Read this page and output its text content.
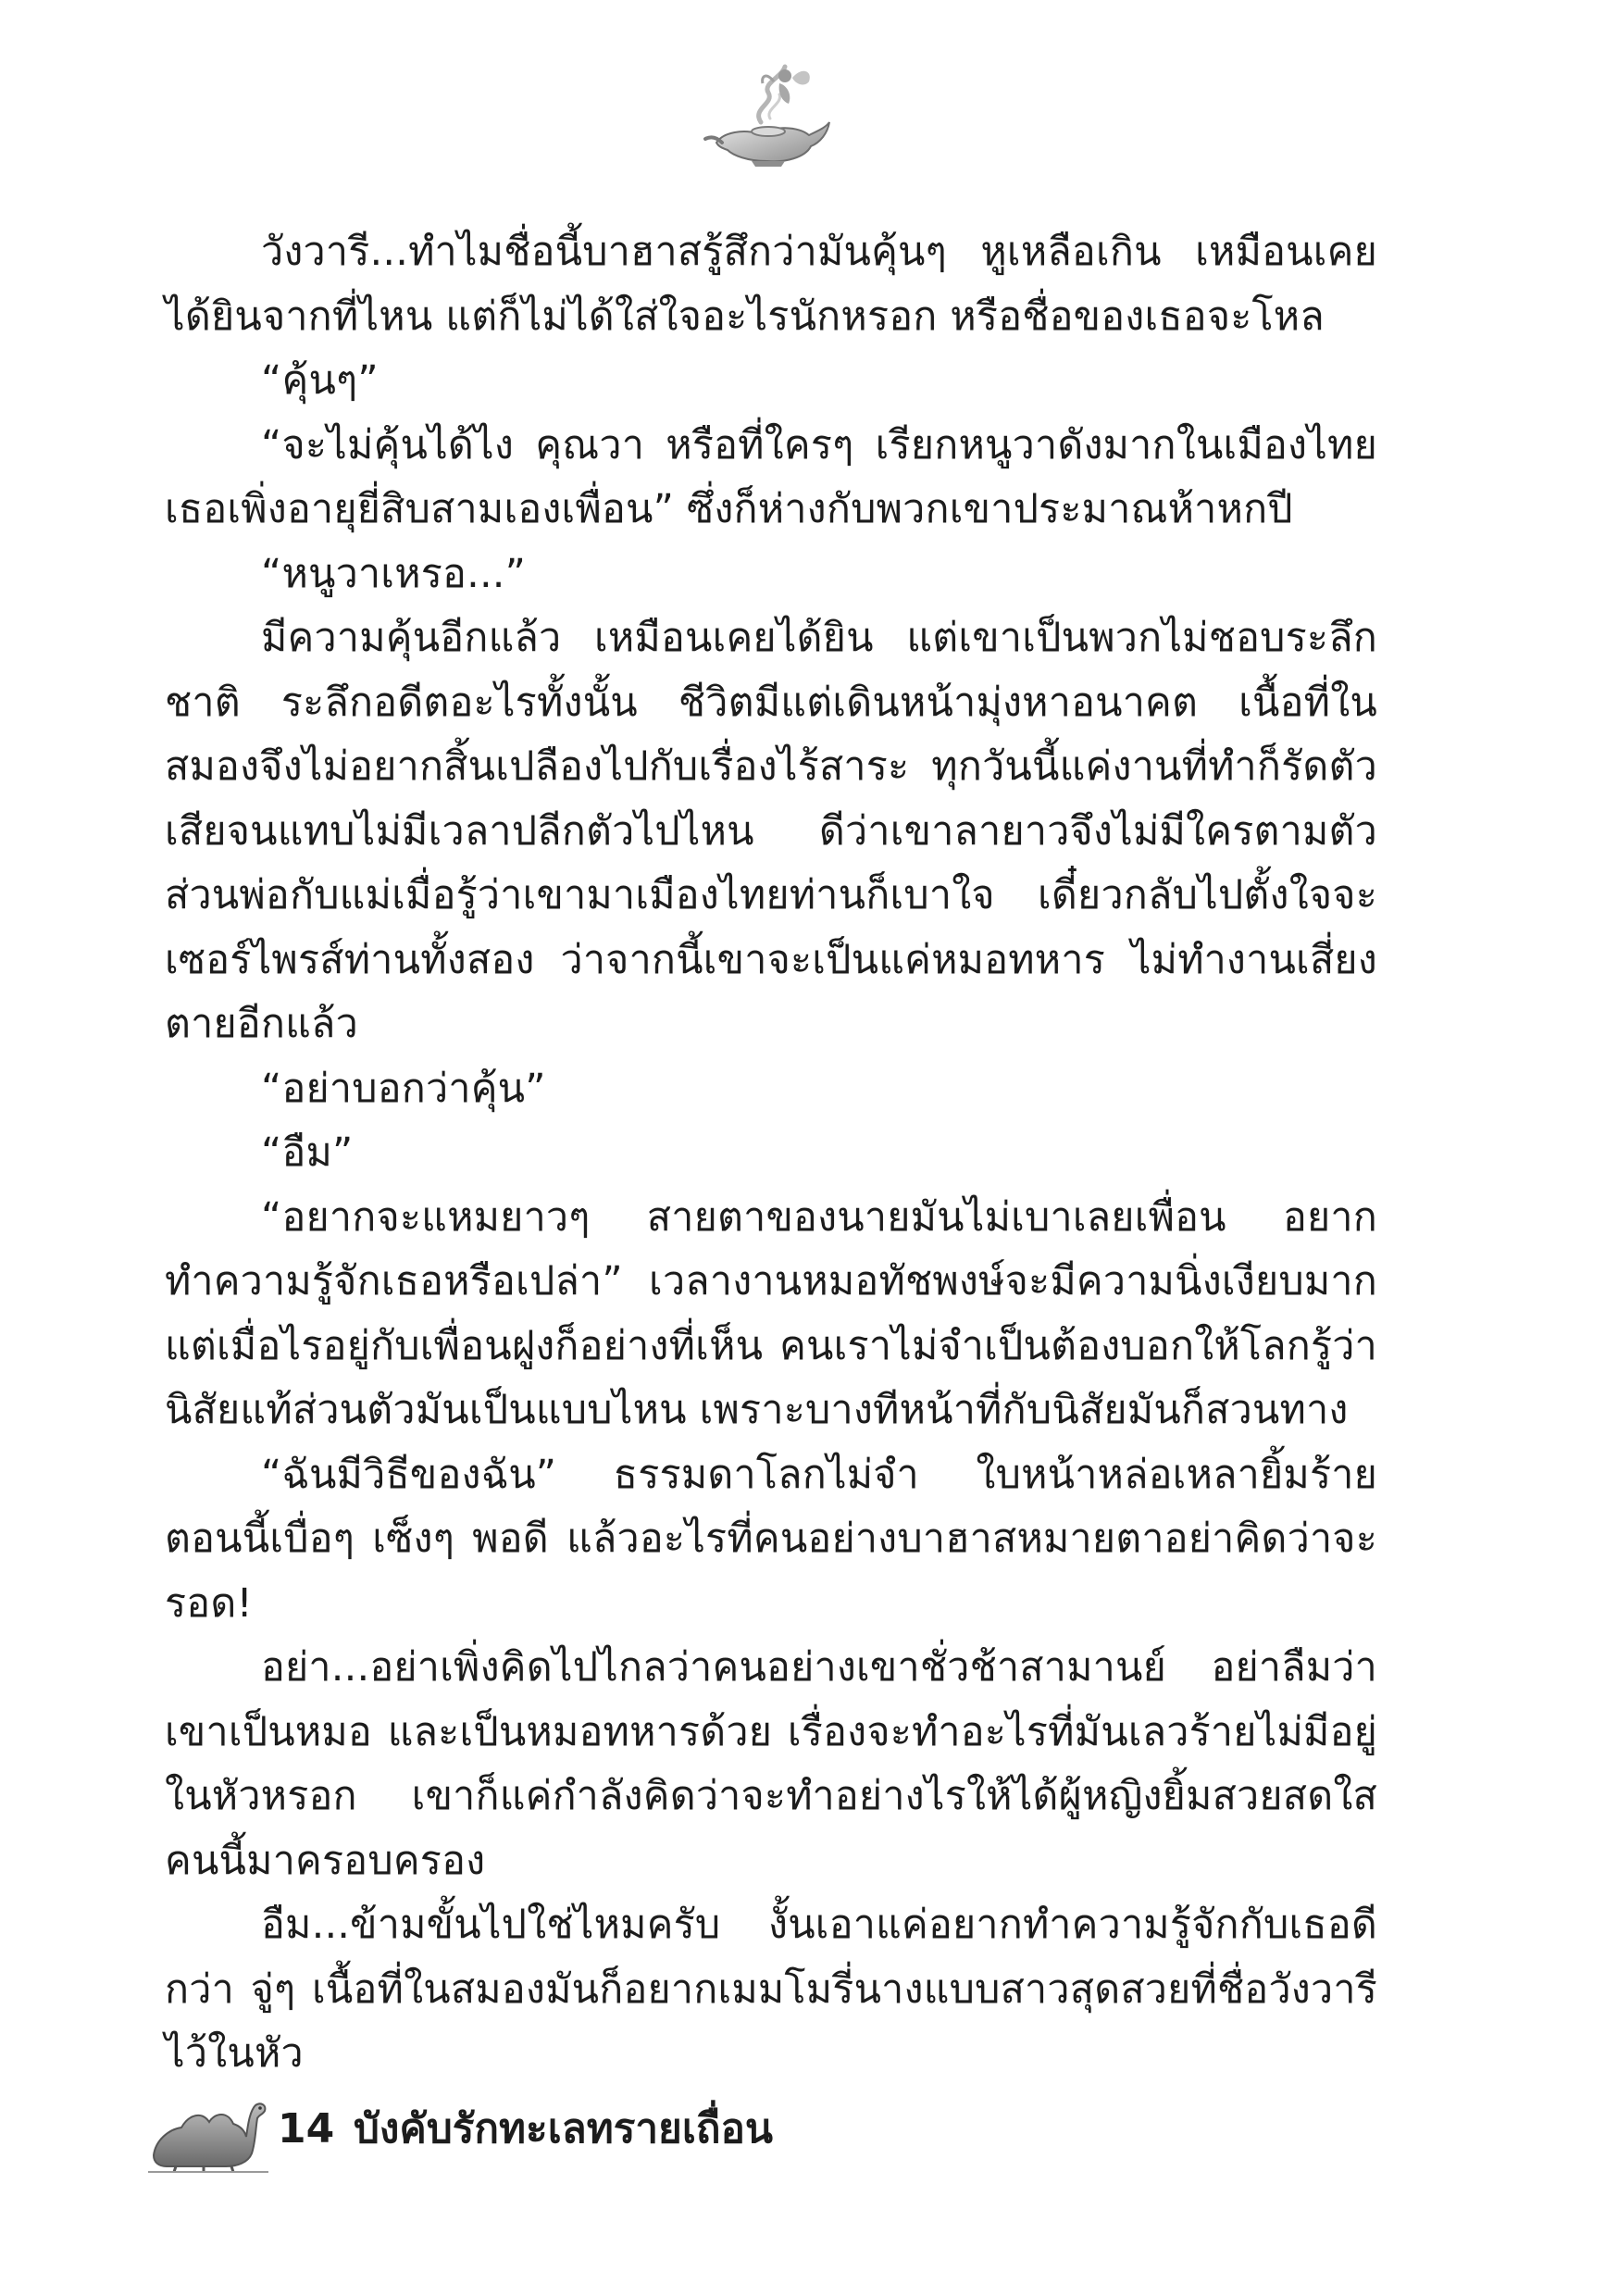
วังวารี...ทำไมชื่อนี้บาฮาสรู้สึกว่ามันคุ้นๆ หูเหลือเกิน เหมือนเคยได้ยินจากที่ไหน แต่ก็ไม่ได้ใส่ใจอะไรนักหรอก หรือชื่อของเธอจะโหล

“คุ้นๆ”

“จะไม่คุ้นได้ไง คุณวา หรือที่ใครๆ เรียกหนูวาดังมากในเมืองไทย เธอเพิ่งอายุยี่สิบสามเองเพื่อน” ซึ่งก็ห่างกับพวกเขาประมาณห้าหกปี

“หนูวาเหรอ...”

มีความคุ้นอีกแล้ว เหมือนเคยได้ยิน แต่เขาเป็นพวกไม่ชอบระลึกชาติ ระลึกอดีตอะไรทั้งนั้น ชีวิตมีแต่เดินหน้ามุ่งหาอนาคต เนื้อที่ในสมองจึงไม่อยากสิ้นเปลืองไปกับเรื่องไร้สาระ ทุกวันนี้แค่งานที่ทำก็รัดตัวเสียจนแทบไม่มีเวลาปลีกตัวไปไหน ดีว่าเขาลายาวจึงไม่มีใครตามตัว ส่วนพ่อกับแม่เมื่อรู้ว่าเขามาเมืองไทยท่านก็เบาใจ เดี๋ยวกลับไปตั้งใจจะเซอร์ไพรส์ท่านทั้งสอง ว่าจากนี้เขาจะเป็นแค่หมอทหาร ไม่ทำงานเสี่ยงตายอีกแล้ว

“อย่าบอกว่าคุ้น”

“อืม”

“อยากจะแหมยาวๆ สายตาของนายมันไม่เบาเลยเพื่อน อยากทำความรู้จักเธอหรือเปล่า” เวลางานหมอทัชพงษ์จะมีความนิ่งเงียบมาก แต่เมื่อไรอยู่กับเพื่อนฝูงก็อย่างที่เห็น คนเราไม่จำเป็นต้องบอกให้โลกรู้ว่านิสัยแท้ส่วนตัวมันเป็นแบบไหน เพราะบางทีหน้าที่กับนิสัยมันก็สวนทาง

“ฉันมีวิธีของฉัน” ธรรมดาโลกไม่จำ ใบหน้าหล่อเหลายิ้มร้าย ตอนนี้เบื่อๆ เซ็งๆ พอดี แล้วอะไรที่คนอย่างบาฮาสหมายตาอย่าคิดว่าจะรอด!

อย่า...อย่าเพิ่งคิดไปไกลว่าคนอย่างเขาชั่วช้าสามานย์ อย่าลืมว่าเขาเป็นหมอ และเป็นหมอทหารด้วย เรื่องจะทำอะไรที่มันเลวร้ายไม่มีอยู่ในหัวหรอก เขาก็แค่กำลังคิดว่าจะทำอย่างไรให้ได้ผู้หญิงยิ้มสวยสดใสคนนี้มาครอบครอง

อืม...ข้ามขั้นไปใช่ไหมครับ งั้นเอาแค่อยากทำความรู้จักกับเธอดีกว่า จู่ๆ เนื้อที่ในสมองมันก็อยากเมมโมรี่นางแบบสาวสุดสวยที่ชื่อวังวารีไว้ในหัว

14 บังคับรักทะเลทรายเถื่อน
